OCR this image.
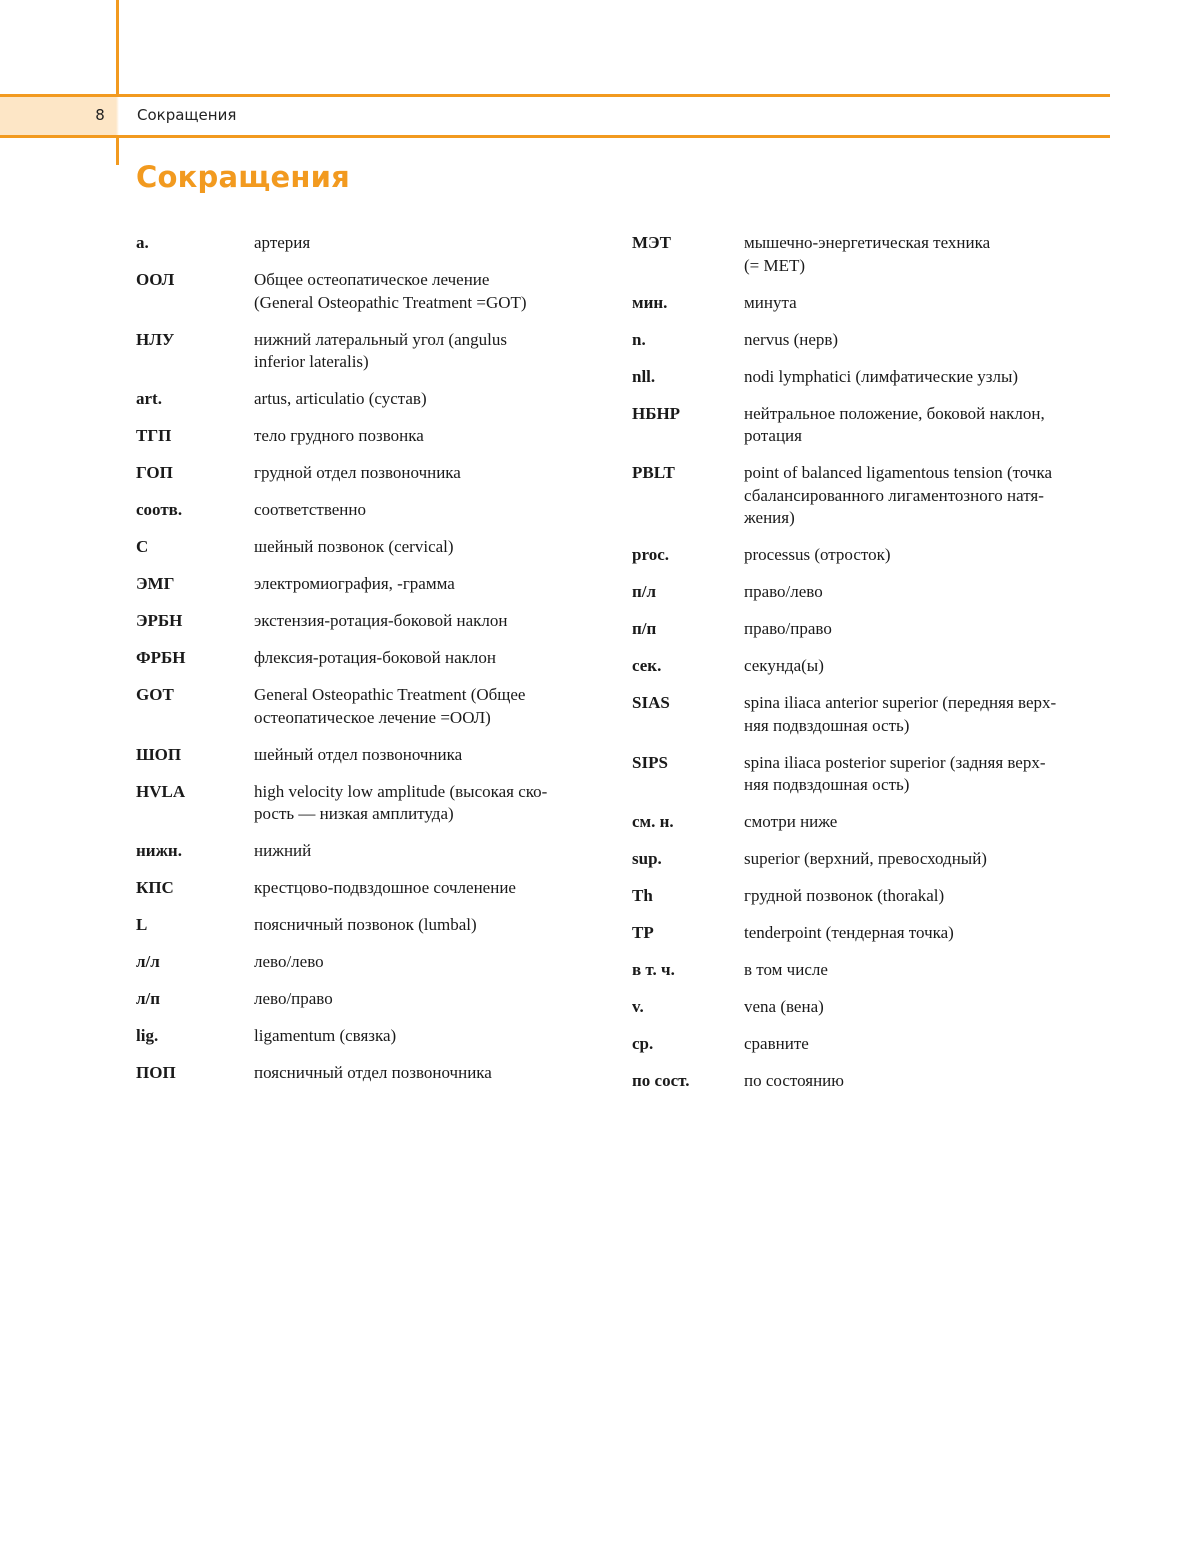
8	Сокращения
Сокращения
a.	артерия
ООЛ	Общее остеопатическое лечение
(General Osteopathic Treatment =GOT)
НЛУ	нижний латеральный угол (angulus
inferior lateralis)
art.	artus, articulatio (сустав)
ТГП	тело грудного позвонка
ГОП	грудной отдел позвоночника

соотв.	соответственно
C	шейный позвонок (cervical)
ЭМГ	электромиография, -грамма
ЭРБН	экстензия-ротация-боковой наклон
ФРБН	флексия-ротация-боковой наклон

GOT	General Osteopathic Treatment (Общее
остеопатическое лечение =ООЛ)
ШОП	шейный отдел позвоночника
HVLA	high velocity low amplitude (высокая ско-
рость — низкая амплитуда)
нижн.	нижний
КПС	крестцово-подвздошное сочленение
L	поясничный позвонок (lumbal)
л/л	лево/лево
л/п	лево/право
lig.	ligamentum (связка)
ПОП	поясничный отдел позвоночника
МЭТ	мышечно-энергетическая техника
(= MET)
мин.	минута

n.	nervus (нерв)

nll.	nodi lymphatici (лимфатические узлы)
НБНР	нейтральное положение, боковой наклон,
ротация
PBLT	point of balanced ligamentous tension (точка
сбалансированного лигаментозного натя-
жения)
proc.	processus (отросток)
п/л	право/лево
п/п	право/право
сек.	секунда(ы)
SIAS	spina iliaca anterior superior (передняя верх-
няя подвздошная ость)
SIPS	spina iliaca posterior superior (задняя верх-
няя подвздошная ость)
см. н.	смотри ниже
sup.	superior (верхний, превосходный)

Th	грудной позвонок (thorakal)
TP	tenderpoint (тендерная точка)
в т. ч.	в том числе
v.	vena (вена)
ср.	сравните
по сост.	по состоянию
